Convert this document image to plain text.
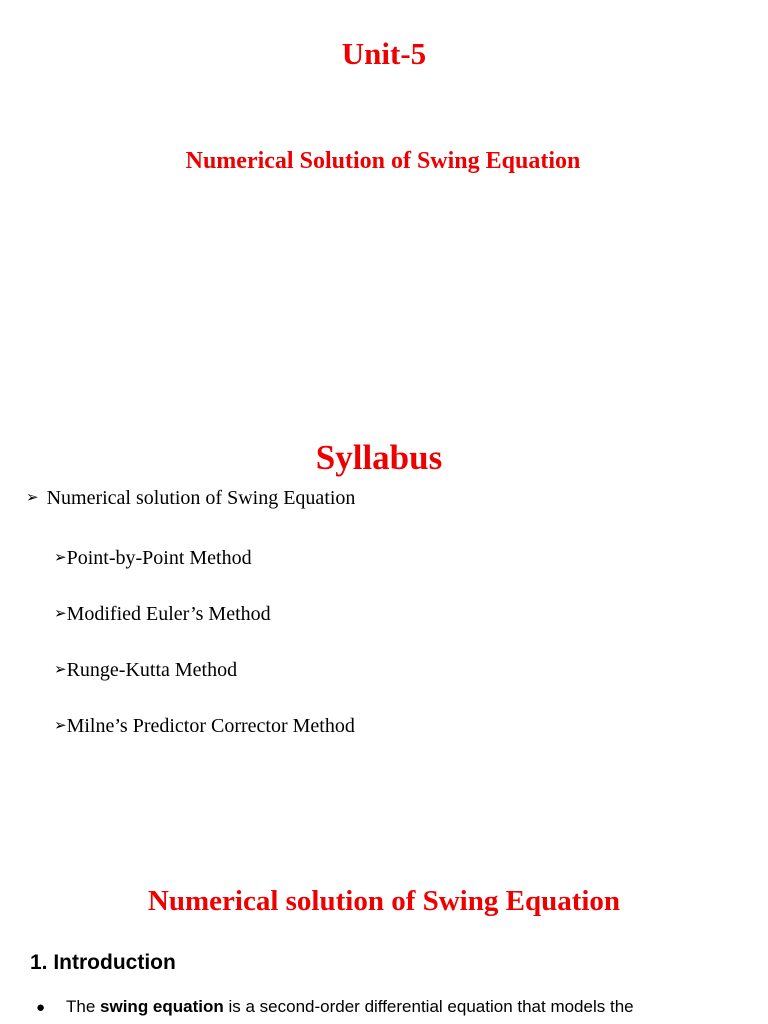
Unit-5
Numerical Solution of Swing Equation
Syllabus
➢ Numerical solution of Swing Equation
➢Point-by-Point Method
➢Modified Euler’s Method
➢Runge-Kutta Method
➢Milne’s Predictor Corrector Method
Numerical solution of Swing Equation
1. Introduction
● The swing equation is a second-order differential equation that models the
